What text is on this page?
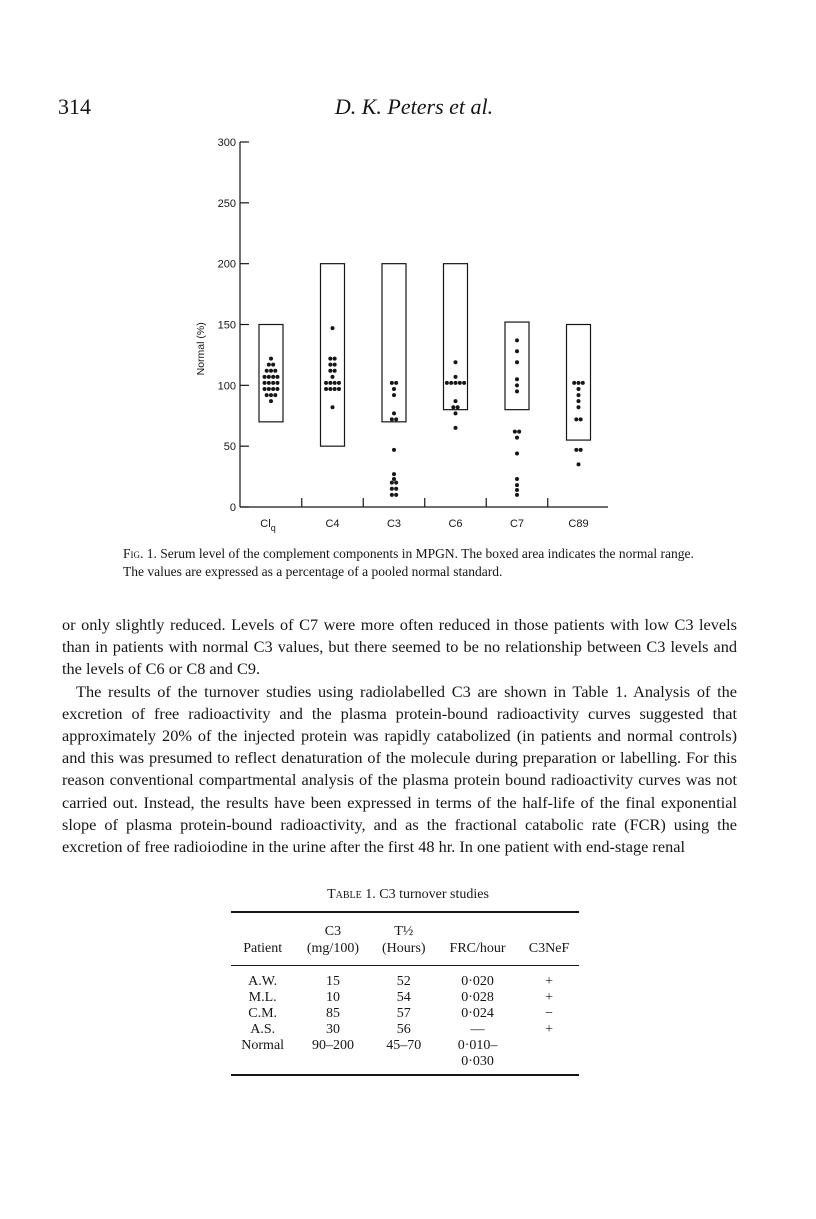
314	D. K. Peters et al.
0
50
100
150
200
250
300
Normal (%)
$Cl_q$	C4	C3	C6	C7	C89
Fig. 1. Serum level of the complement components in MPGN. The boxed area indicates the normal range. The values are expressed as a percentage of a pooled normal standard.

or only slightly reduced. Levels of C7 were more often reduced in those patients with low C3 levels than in patients with normal C3 values, but there seemed to be no relationship between C3 levels and the levels of C6 or C8 and C9.

The results of the turnover studies using radiolabelled C3 are shown in Table 1. Analysis of the excretion of free radioactivity and the plasma protein-bound radioactivity curves suggested that approximately 20% of the injected protein was rapidly catabolized (in patients and normal controls) and this was presumed to reflect denaturation of the molecule during preparation or labelling. For this reason conventional compartmental analysis of the plasma protein bound radioactivity curves was not carried out. Instead, the results have been expressed in terms of the half-life of the final exponential slope of plasma protein-bound radioactivity, and as the fractional catabolic rate (FCR) using the excretion of free radioiodine in the urine after the first 48 hr. In one patient with end-stage renal

Table 1. C3 turnover studies
	C3	T½		
Patient	(mg/100)	(Hours)	FRC/hour	C3NeF
A.W.	15	52	0·020	+
M.L.	10	54	0·028	+
C.M.	85	57	0·024	−
A.S.	30	56	—	+
Normal	90–200	45–70	0·010–	
			0·030	
